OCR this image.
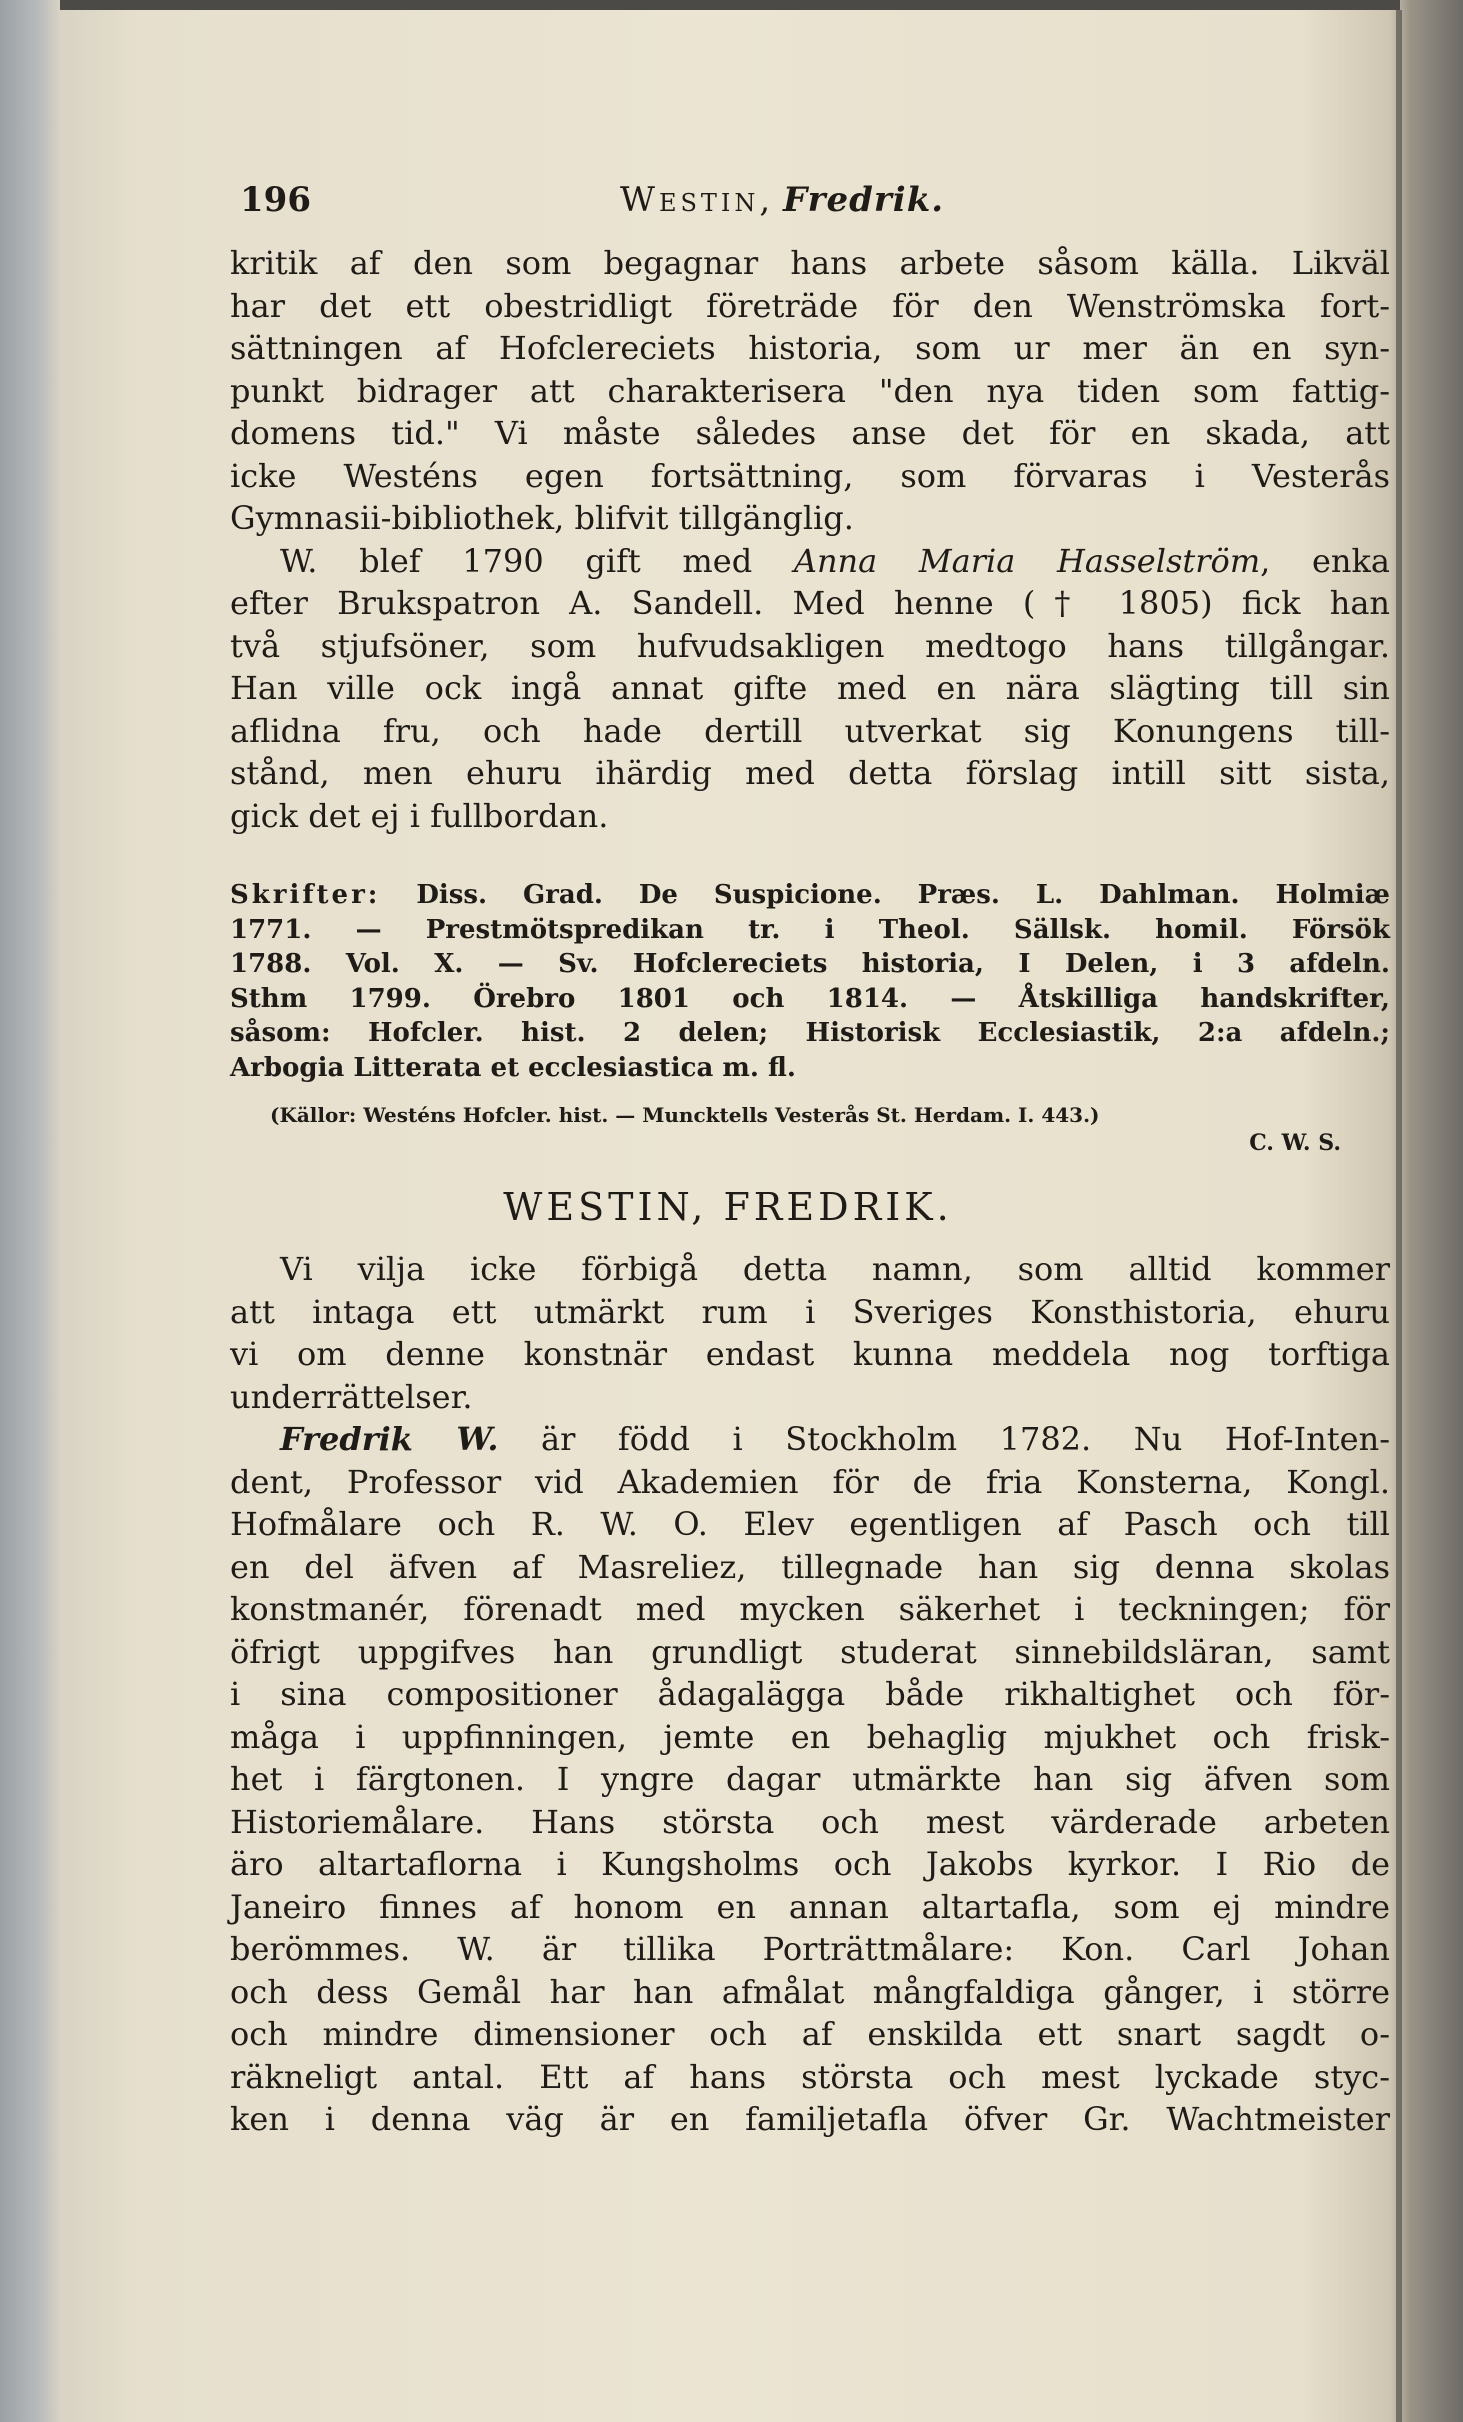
196	Westin, Fredrik.
kritik af den som begagnar hans arbete såsom källa. Likväl
har det ett obestridligt företräde för den Wenströmska fort-
sättningen af Hofclereciets historia, som ur mer än en syn-
punkt bidrager att charakterisera "den nya tiden som fattig-
domens tid." Vi måste således anse det för en skada, att
icke Westéns egen fortsättning, som förvaras i Vesterås
Gymnasii-bibliothek, blifvit tillgänglig.
W. blef 1790 gift med Anna Maria Hasselström, enka
efter Brukspatron A. Sandell. Med henne († 1805) fick han
två stjufsöner, som hufvudsakligen medtogo hans tillgångar.
Han ville ock ingå annat gifte med en nära slägting till sin
aflidna fru, och hade dertill utverkat sig Konungens till-
stånd, men ehuru ihärdig med detta förslag intill sitt sista,
gick det ej i fullbordan.
Skrifter: Diss. Grad. De Suspicione. Præs. L. Dahlman. Holmiæ
1771. — Prestmötspredikan tr. i Theol. Sällsk. homil. Försök
1788. Vol. X. — Sv. Hofclereciets historia, I Delen, i 3 afdeln.
Sthm 1799. Örebro 1801 och 1814. — Åtskilliga handskrifter,
såsom: Hofcler. hist. 2 delen; Historisk Ecclesiastik, 2:a afdeln.;
Arbogia Litterata et ecclesiastica m. fl.
(Källor: Westéns Hofcler. hist. — Muncktells Vesterås St. Herdam. I. 443.)
C. W. S.
WESTIN, FREDRIK.
Vi vilja icke förbigå detta namn, som alltid kommer
att intaga ett utmärkt rum i Sveriges Konsthistoria, ehuru
vi om denne konstnär endast kunna meddela nog torftiga
underrättelser.
Fredrik W. är född i Stockholm 1782. Nu Hof-Inten-
dent, Professor vid Akademien för de fria Konsterna, Kongl.
Hofmålare och R. W. O. Elev egentligen af Pasch och till
en del äfven af Masreliez, tillegnade han sig denna skolas
konstmanér, förenadt med mycken säkerhet i teckningen; för
öfrigt uppgifves han grundligt studerat sinnebildsläran, samt
i sina compositioner ådagalägga både rikhaltighet och för-
måga i uppfinningen, jemte en behaglig mjukhet och frisk-
het i färgtonen. I yngre dagar utmärkte han sig äfven som
Historiemålare. Hans största och mest värderade arbeten
äro altartaflorna i Kungsholms och Jakobs kyrkor. I Rio de
Janeiro finnes af honom en annan altartafla, som ej mindre
berömmes. W. är tillika Porträttmålare: Kon. Carl Johan
och dess Gemål har han afmålat mångfaldiga gånger, i större
och mindre dimensioner och af enskilda ett snart sagdt o-
räkneligt antal. Ett af hans största och mest lyckade styc-
ken i denna väg är en familjetafla öfver Gr. Wachtmeister
